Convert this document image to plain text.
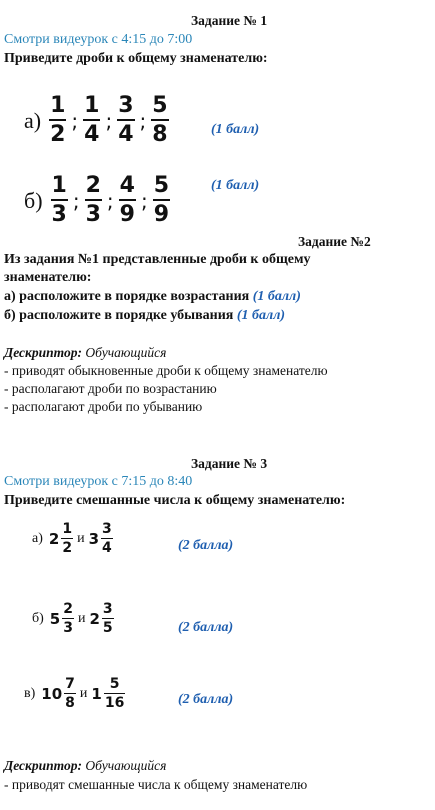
Задание № 1
Смотри видеурок с 4:15 до 7:00
Приведите дроби к общему знаменателю:
$а) \frac{1}{2}$ ; $\frac{1}{4}$ ; $\frac{3}{4}$ ; $\frac{5}{8}$	(1 балл)
$б) \frac{1}{3}$ ; $\frac{2}{3}$ ; $\frac{4}{9}$ ; $\frac{5}{9}$	(1 балл)
Задание №2
Из задания №1 представленные дроби к общему
знаменателю:
а) расположите в порядке возрастания (1 балл)
б) расположите в порядке убывания (1 балл)
Дескриптор: Обучающийся
- приводят обыкновенные дроби к общему знаменателю
- располагают дроби по возрастанию
- располагают дроби по убыванию
Задание № 3
Смотри видеурок с 7:15 до 8:40
Приведите смешанные числа к общему знаменателю:
а) $2 \frac{1}{2}$ и $3 \frac{3}{4}$	(2 балла)
б) $5 \frac{2}{3}$ и $2 \frac{3}{5}$	(2 балла)
в) $10 \frac{7}{8}$ и $1 \frac{5}{16}$	(2 балла)
Дескриптор: Обучающийся
- приводят смешанные числа к общему знаменателю
